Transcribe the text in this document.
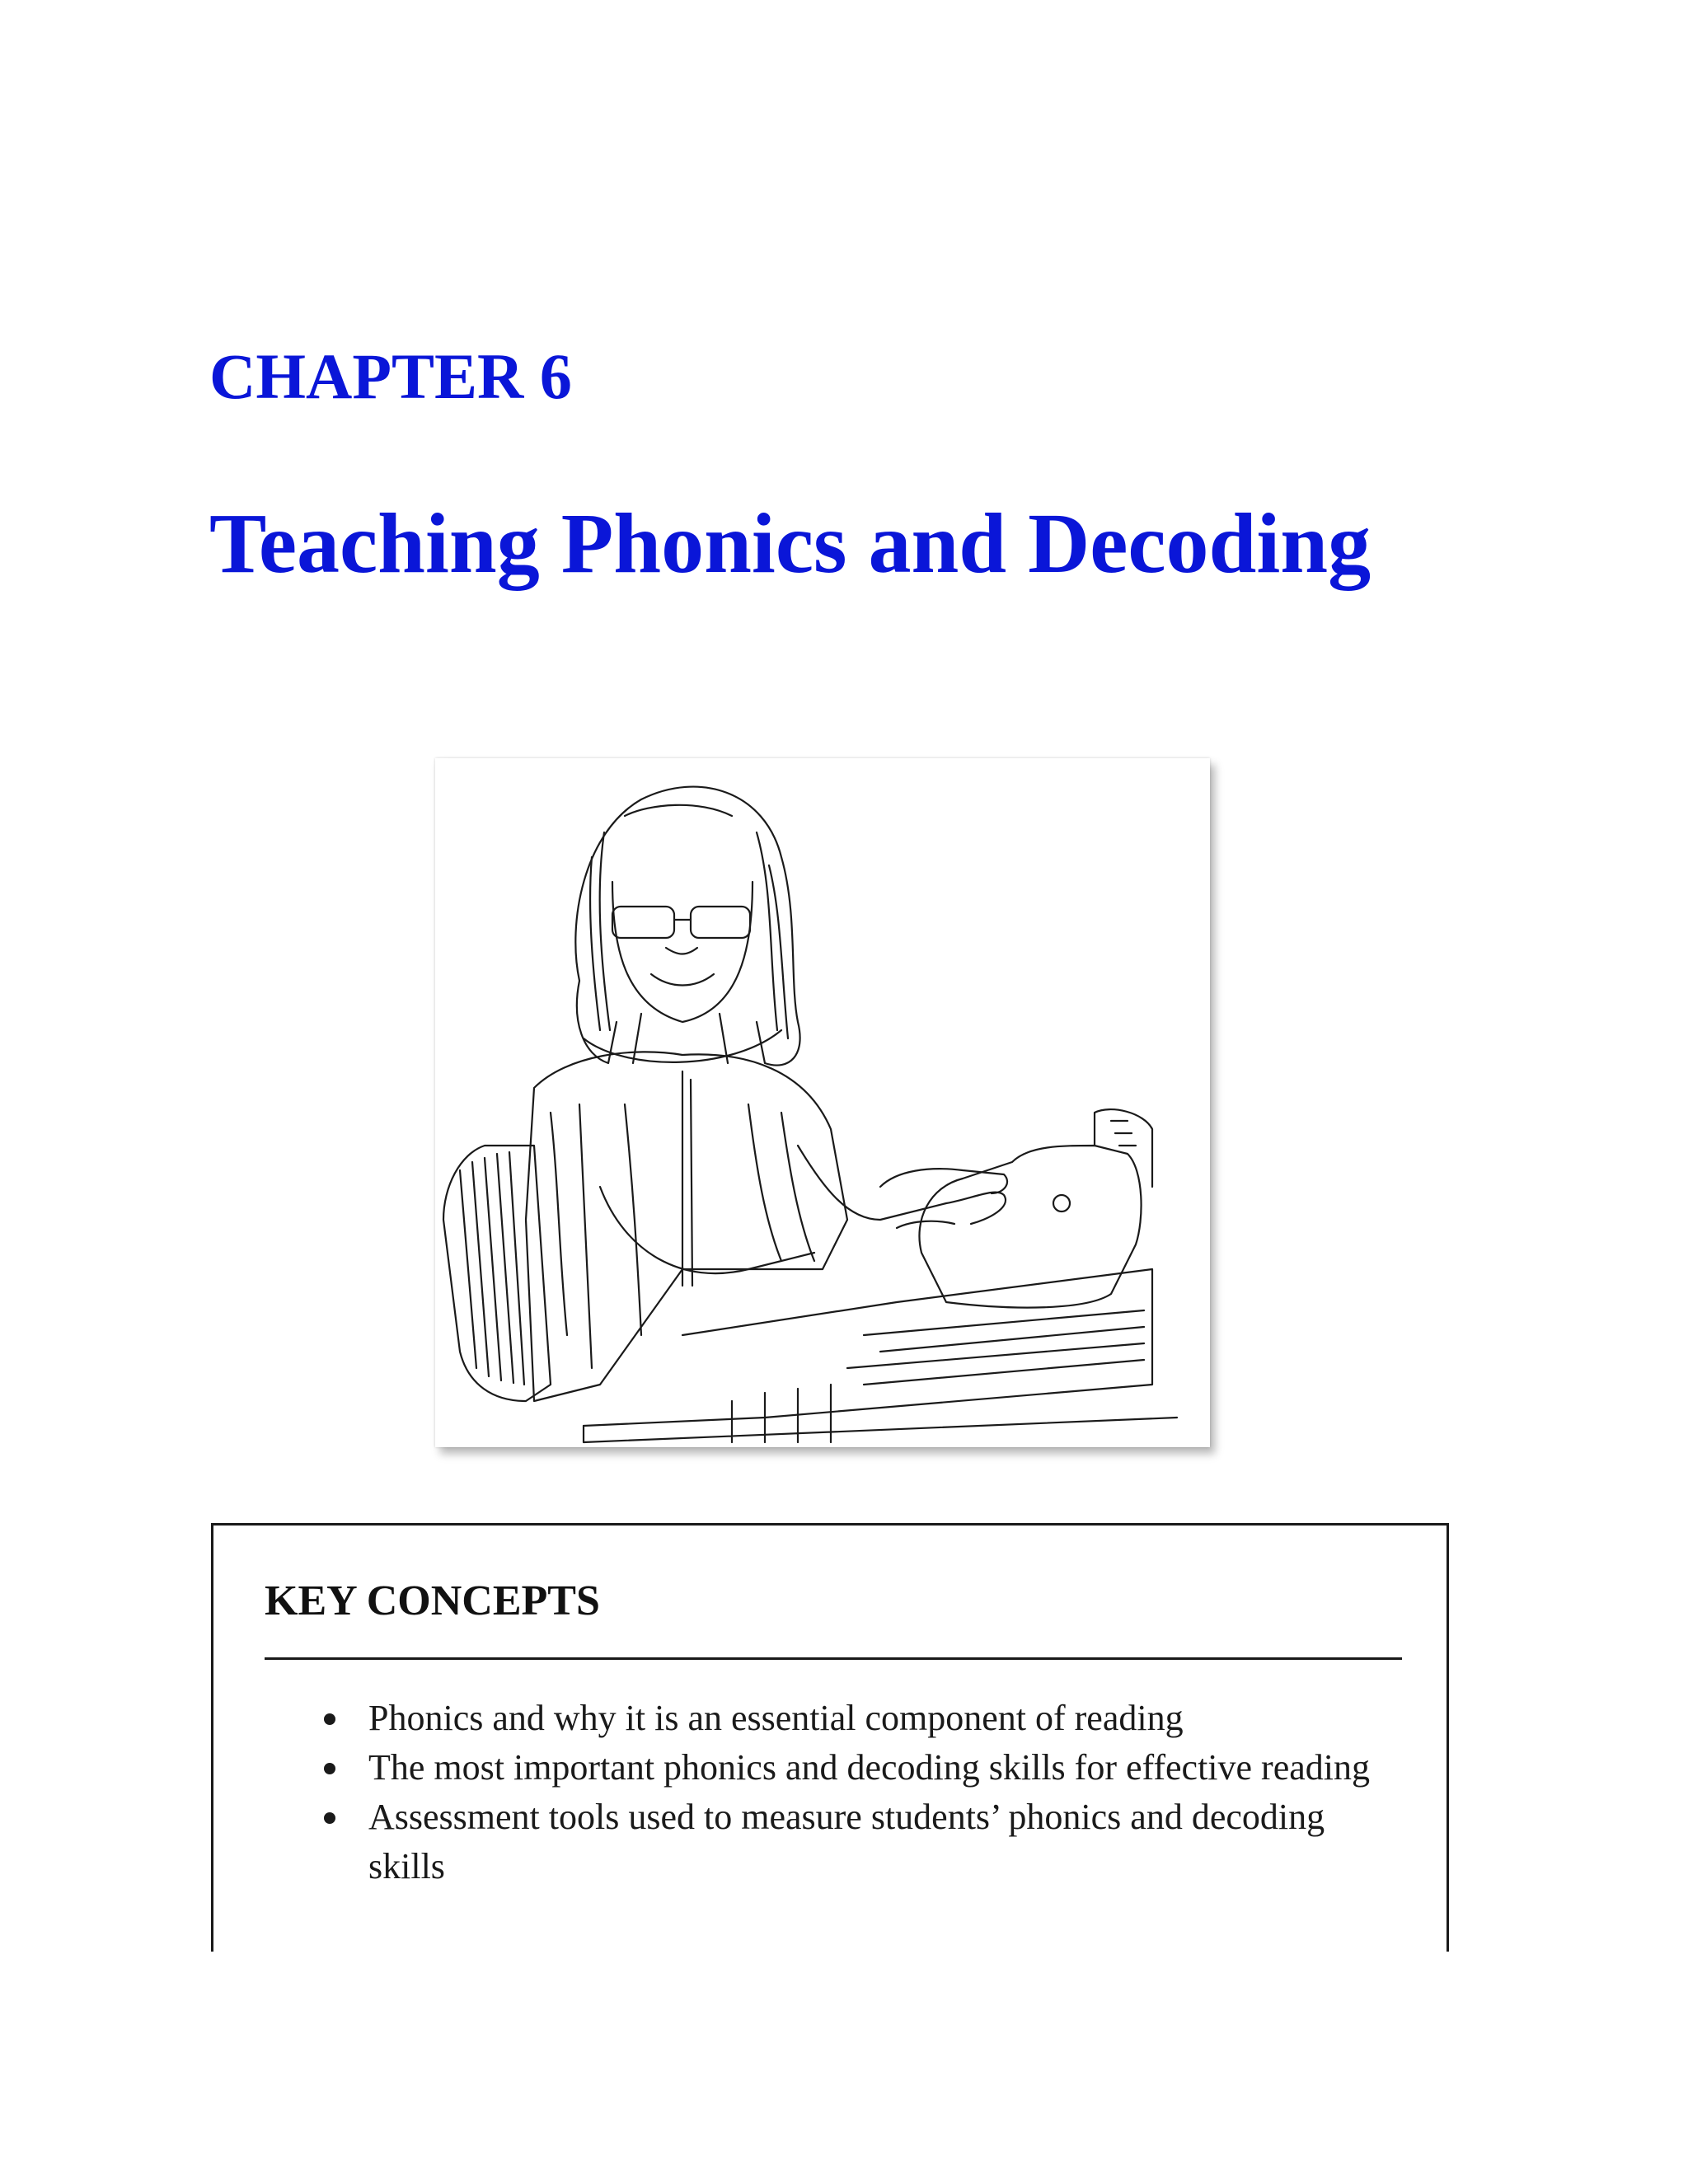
CHAPTER 6
Teaching Phonics and Decoding
KEY CONCEPTS
Phonics and why it is an essential component of reading
The most important phonics and decoding skills for effective reading
Assessment tools used to measure students’ phonics and decoding skills
